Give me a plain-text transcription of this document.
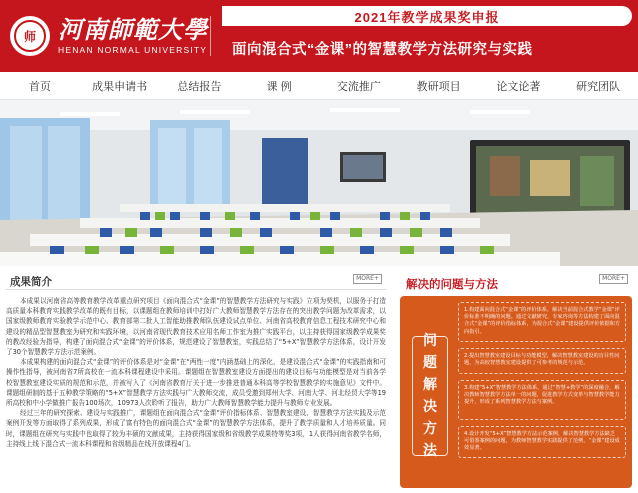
师 河南師範大學
HENAN NORMAL UNIVERSITY
2021年教学成果奖申报
面向混合式“金课”的智慧教学方法研究与实践
首页	成果申请书	总结报告	课 例	交流推广	教研项目	论文论著	研究团队
成果简介	MORE+

本成果以河南省高等教育教学改革重点研究项目《面向混合式“金课”的智慧教学方法研究与实践》立项为契机，以服务于打造高质量本科教育实践教学改革的既有目标，以课题组在教师培训中打好广大教师智慧教学方法存在的突出教学问题为改革需求，以国家级教师教育实验教学示范中心、教育部第二批人工智能助推教师队伍建设试点单位、河南省高校教育信息工程技术研究中心和建设的精品型智慧教室为研究和实践环境，以河南省现代教育技术应用名师工作室为推广实践平台，以主持获得国家级教学成果奖的教改经验为指导，构建了面向混合式“金课”的评价体系，规范建设了智慧教室，实践总结了“5+X”智慧教学方法体系，设计开发了30个智慧教学方法示范案例。

本成果构建的面向混合式“金课”的评价体系是对“金课”在“两性一度”内涵基础上的深化，是建设混合式“金课”的实践指南和可操作性指导，被河南省7所高校在一流本科课程建设中采用。课题组在智慧教室建设方面提出的建设目标与功能模型是对当前各学校智慧教室建设实质的规范和示范，并被写入了《河南省教育厅关于进一步推进普通本科高等学校智慧教学的实施意见》文件中。课题组研制的基于五种教学策略的“5+X”智慧教学方法实践与广大教师交流，成员受邀到郑州大学、河南大学、河北经贸大学等19所高校和中小学做推广报告100场次，10973人次聆听了报告，助力广大教师智慧教学能力提升与教师专业发展。

经过三年的研究探索、建设与实践推广，课题组在面向混合式“金课”评价指标体系、智慧教室建设、智慧教学方法实践及示范案例开发等方面取得了系列成果，形成了富有特色的面向混合式“金课”的智慧教学方法体系，提升了教学质量和人才培养质量。同时，课题组在研究与实践中也取得了较为丰硕的文献成果，主持获得国家级和省级教学成果特等奖3项，1人获得河南省教学名师，主持线上线下混合式一流本科课程和省级精品在线开放课程4门。

解决的问题与方法	MORE+
问
题
解
决
方
法
1.构建面向混合式“金课”的评价体系，解决当前混合式教学“金课”评价标准不明确的问题。通过文献研究、专家咨询等方法构建了面向混合式“金课”的评价指标体系，为混合式“金课”建设提供评价依据和方向指引。
2.提出智慧教室建设目标与功能模型，解决智慧教室建设的盲目性问题，为高校智慧教室建设提供了可参考的规范与示范。
3.构建“5+X”智慧教学方法体系，通过“智慧+教学”的深度融合，解决教师智慧教学方法单一的问题，促进教学方式变革与智慧教学能力提升，形成了系列智慧教学方法与案例。
4.设计开发“5+X”智慧教学方法示范案例，解决智慧教学方法缺乏可借鉴案例的问题，为教师智慧教学实践提供了范例，“金课”建设成效显著。
